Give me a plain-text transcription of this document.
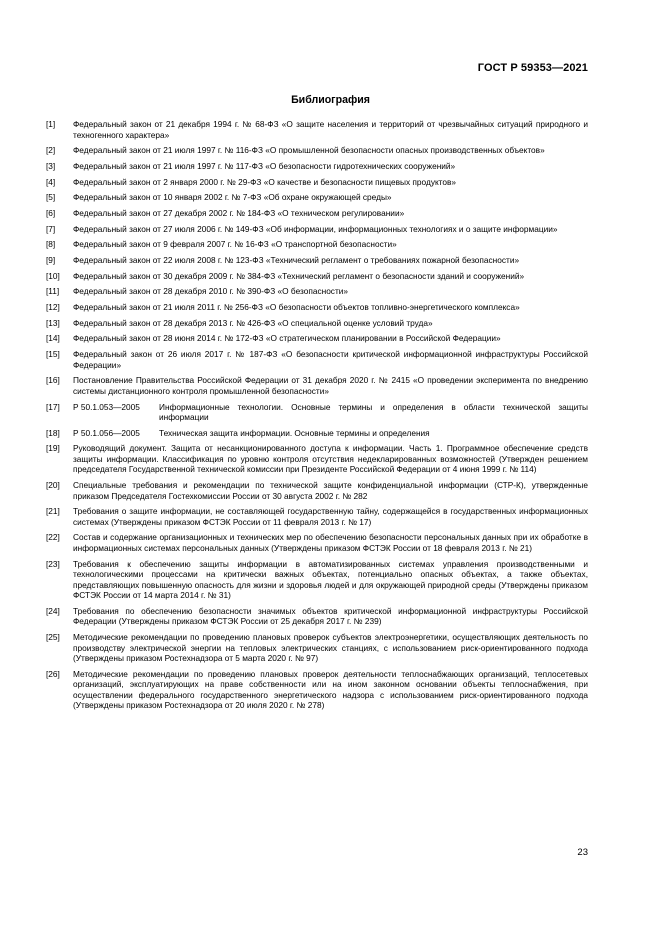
ГОСТ Р 59353—2021
Библиография
[1]	Федеральный закон от 21 декабря 1994 г. № 68-ФЗ «О защите населения и территорий от чрезвычайных ситуаций природного и техногенного характера»
[2]	Федеральный закон от 21 июля 1997 г. № 116-ФЗ «О промышленной безопасности опасных производственных объектов»
[3]	Федеральный закон от 21 июля 1997 г. № 117-ФЗ «О безопасности гидротехнических сооружений»
[4]	Федеральный закон от 2 января 2000 г. № 29-ФЗ «О качестве и безопасности пищевых продуктов»
[5]	Федеральный закон от 10 января 2002 г. № 7-ФЗ «Об охране окружающей среды»
[6]	Федеральный закон от 27 декабря 2002 г. № 184-ФЗ «О техническом регулировании»
[7]	Федеральный закон от 27 июля 2006 г. № 149-ФЗ «Об информации, информационных технологиях и о защите информации»
[8]	Федеральный закон от 9 февраля 2007 г. № 16-ФЗ «О транспортной безопасности»
[9]	Федеральный закон от 22 июля 2008 г. № 123-ФЗ «Технический регламент о требованиях пожарной безопасности»
[10]	Федеральный закон от 30 декабря 2009 г. № 384-ФЗ «Технический регламент о безопасности зданий и сооружений»
[11]	Федеральный закон от 28 декабря 2010 г. № 390-ФЗ «О безопасности»
[12]	Федеральный закон от 21 июля 2011 г. № 256-ФЗ «О безопасности объектов топливно-энергетического комплекса»
[13]	Федеральный закон от 28 декабря 2013 г. № 426-ФЗ «О специальной оценке условий труда»
[14]	Федеральный закон от 28 июня 2014 г. № 172-ФЗ «О стратегическом планировании в Российской Федерации»
[15]	Федеральный закон от 26 июля 2017 г. № 187-ФЗ «О безопасности критической информационной инфраструктуры Российской Федерации»
[16]	Постановление Правительства Российской Федерации от 31 декабря 2020 г. № 2415 «О проведении эксперимента по внедрению системы дистанционного контроля промышленной безопасности»
[17]	Р 50.1.053—2005	Информационные технологии. Основные термины и определения в области технической защиты информации
[18]	Р 50.1.056—2005	Техническая защита информации. Основные термины и определения
[19]	Руководящий документ. Защита от несанкционированного доступа к информации. Часть 1. Программное обеспечение средств защиты информации. Классификация по уровню контроля отсутствия недекларированных возможностей (Утвержден решением председателя Государственной технической комиссии при Президенте Российской Федерации от 4 июня 1999 г. № 114)
[20]	Специальные требования и рекомендации по технической защите конфиденциальной информации (СТР-К), утвержденные приказом Председателя Гостехкомиссии России от 30 августа 2002 г. № 282
[21]	Требования о защите информации, не составляющей государственную тайну, содержащейся в государственных информационных системах (Утверждены приказом ФСТЭК России от 11 февраля 2013 г. № 17)
[22]	Состав и содержание организационных и технических мер по обеспечению безопасности персональных данных при их обработке в информационных системах персональных данных (Утверждены приказом ФСТЭК России от 18 февраля 2013 г. № 21)
[23]	Требования к обеспечению защиты информации в автоматизированных системах управления производственными и технологическими процессами на критически важных объектах, потенциально опасных объектах, а также объектах, представляющих повышенную опасность для жизни и здоровья людей и для окружающей природной среды (Утверждены приказом ФСТЭК России от 14 марта 2014 г. № 31)
[24]	Требования по обеспечению безопасности значимых объектов критической информационной инфраструктуры Российской Федерации (Утверждены приказом ФСТЭК России от 25 декабря 2017 г. № 239)
[25]	Методические рекомендации по проведению плановых проверок субъектов электроэнергетики, осуществляющих деятельность по производству электрической энергии на тепловых электрических станциях, с использованием риск-ориентированного подхода (Утверждены приказом Ростехнадзора от 5 марта 2020 г. № 97)
[26]	Методические рекомендации по проведению плановых проверок деятельности теплоснабжающих организаций, теплосетевых организаций, эксплуатирующих на праве собственности или на ином законном основании объекты теплоснабжения, при осуществлении федерального государственного энергетического надзора с использованием риск-ориентированного подхода (Утверждены приказом Ростехнадзора от 20 июля 2020 г. № 278)
23
